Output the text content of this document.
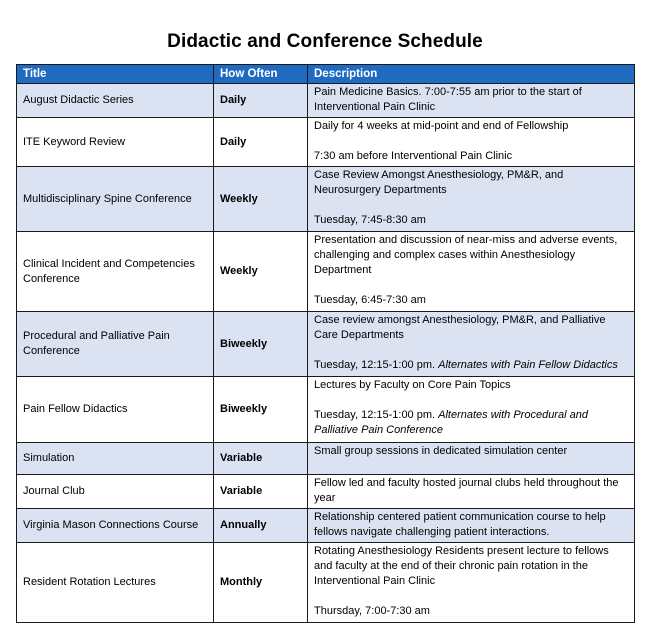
Didactic and Conference Schedule
Title	How Often	Description
August Didactic Series	Daily	Pain Medicine Basics. 7:00-7:55 am prior to the start of Interventional Pain Clinic

ITE Keyword Review	Daily	Daily for 4 weeks at mid-point and end of Fellowship
7:30 am before Interventional Pain Clinic

Multidisciplinary Spine Conference	Weekly	Case Review Amongst Anesthesiology, PM&R, and Neurosurgery Departments
Tuesday, 7:45-8:30 am

Clinical Incident and Competencies Conference	Weekly	Presentation and discussion of near-miss and adverse events, challenging and complex cases within Anesthesiology Department
Tuesday, 6:45-7:30 am

Procedural and Palliative Pain Conference	Biweekly	Case review amongst Anesthesiology, PM&R, and Palliative Care Departments
Tuesday, 12:15-1:00 pm. Alternates with Pain Fellow Didactics

Pain Fellow Didactics	Biweekly	Lectures by Faculty on Core Pain Topics
Tuesday, 12:15-1:00 pm. Alternates with Procedural and Palliative Pain Conference

Simulation	Variable	Small group sessions in dedicated simulation center

Journal Club	Variable	Fellow led and faculty hosted journal clubs held throughout the year

Virginia Mason Connections Course	Annually	Relationship centered patient communication course to help fellows navigate challenging patient interactions.

Resident Rotation Lectures	Monthly	Rotating Anesthesiology Residents present lecture to fellows and faculty at the end of their chronic pain rotation in the Interventional Pain Clinic
Thursday, 7:00-7:30 am
